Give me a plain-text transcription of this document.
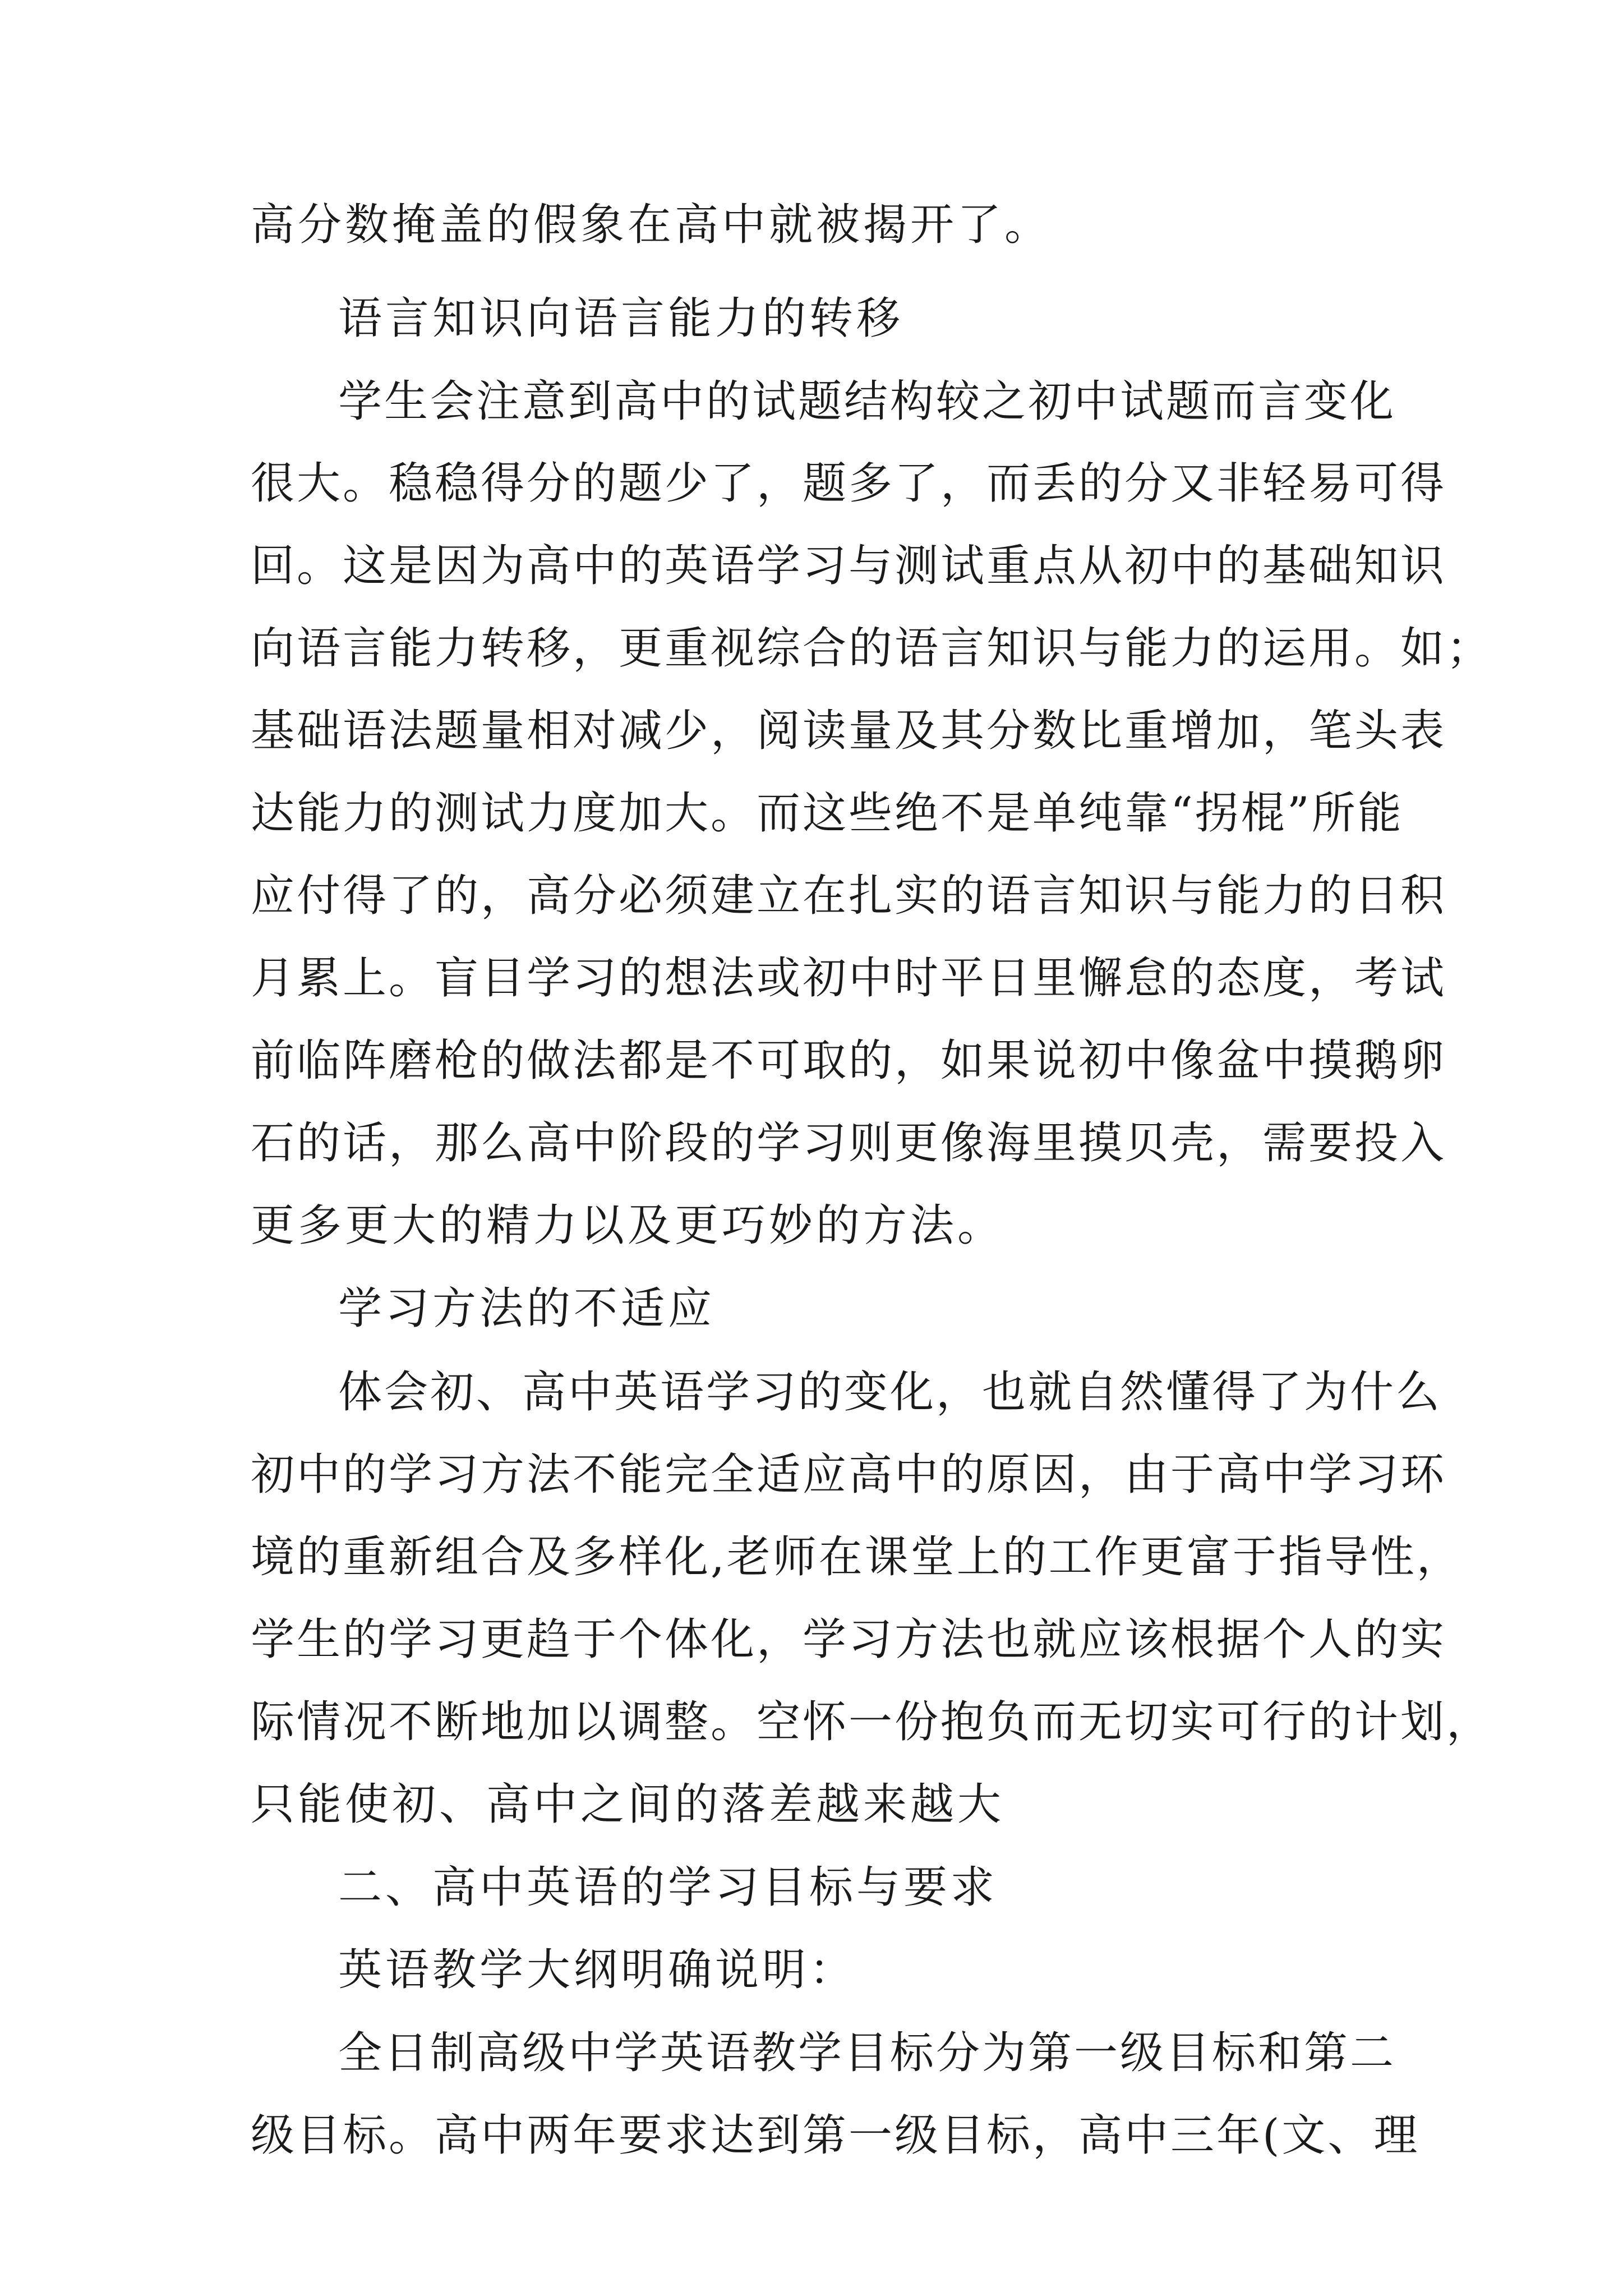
高分数掩盖的假象在高中就被揭开了。
语言知识向语言能力的转移
学生会注意到高中的试题结构较之初中试题而言变化
很大。稳稳得分的题少了，题多了，而丢的分又非轻易可得
回。这是因为高中的英语学习与测试重点从初中的基础知识
向语言能力转移，更重视综合的语言知识与能力的运用。如；
基础语法题量相对减少，阅读量及其分数比重增加，笔头表
达能力的测试力度加大。而这些绝不是单纯靠“拐棍”所能
应付得了的，高分必须建立在扎实的语言知识与能力的日积
月累上。盲目学习的想法或初中时平日里懈怠的态度，考试
前临阵磨枪的做法都是不可取的，如果说初中像盆中摸鹅卵
石的话，那么高中阶段的学习则更像海里摸贝壳，需要投入
更多更大的精力以及更巧妙的方法。
学习方法的不适应
体会初、高中英语学习的变化，也就自然懂得了为什么
初中的学习方法不能完全适应高中的原因，由于高中学习环
境的重新组合及多样化,老师在课堂上的工作更富于指导性，
学生的学习更趋于个体化，学习方法也就应该根据个人的实
际情况不断地加以调整。空怀一份抱负而无切实可行的计划，
只能使初、高中之间的落差越来越大
二、高中英语的学习目标与要求
英语教学大纲明确说明：
全日制高级中学英语教学目标分为第一级目标和第二
级目标。高中两年要求达到第一级目标，高中三年(文、理
